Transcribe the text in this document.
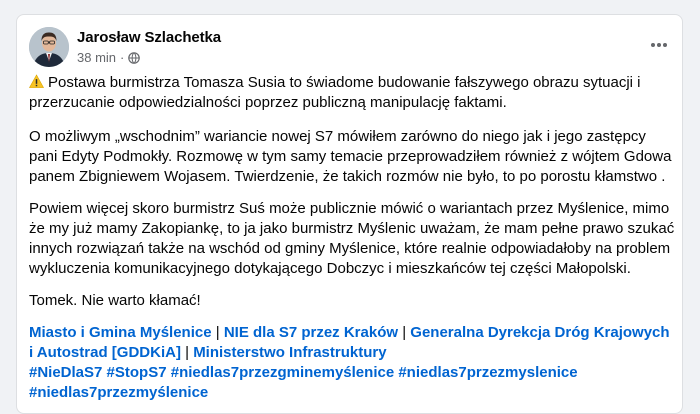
Jarosław Szlachetka
38 min ·

Postawa burmistrza Tomasza Susia to świadome budowanie fałszywego obrazu sytuacji i przerzucanie odpowiedzialności poprzez publiczną manipulację faktami.

O możliwym „wschodnim” wariancie nowej S7 mówiłem zarówno do niego jak i jego zastępcy pani Edyty Podmokły. Rozmowę w tym samy temacie przeprowadziłem również z wójtem Gdowa panem Zbigniewem Wojasem. Twierdzenie, że takich rozmów nie było, to po porostu kłamstwo .

Powiem więcej skoro burmistrz Suś może publicznie mówić o wariantach przez Myślenice, mimo że my już mamy Zakopiankę, to ja jako burmistrz Myślenic uważam, że mam pełne prawo szukać innych rozwiązań także na wschód od gminy Myślenice, które realnie odpowiadałoby na problem wykluczenia komunikacyjnego dotykającego Dobczyc i mieszkańców tej części Małopolski.

Tomek. Nie warto kłamać!

Miasto i Gmina Myślenice | NIE dla S7 przez Kraków | Generalna Dyrekcja Dróg Krajowych i Autostrad [GDDKiA] | Ministerstwo Infrastruktury
#NieDlaS7 #StopS7 #niedlas7przezgminemyślenice #niedlas7przezmyslenice #niedlas7przezmyślenice
